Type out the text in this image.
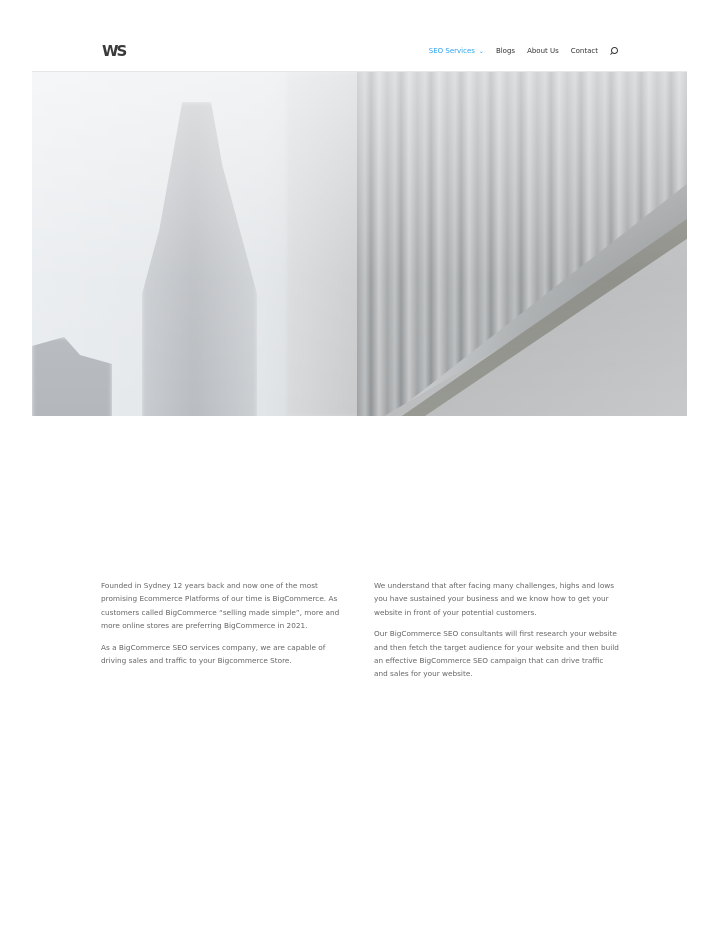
WS	SEO Services ⌄ Blogs About Us Contact

Founded in Sydney 12 years back and now one of the most promising Ecommerce Platforms of our time is BigCommerce. As customers called BigCommerce “selling made simple”, more and more online stores are preferring BigCommerce in 2021.

As a BigCommerce SEO services company, we are capable of driving sales and traffic to your Bigcommerce Store.

We understand that after facing many challenges, highs and lows you have sustained your business and we know how to get your website in front of your potential customers.

Our BigCommerce SEO consultants will first research your website and then fetch the target audience for your website and then build an effective BigCommerce SEO campaign that can drive traffic and sales for your website.
